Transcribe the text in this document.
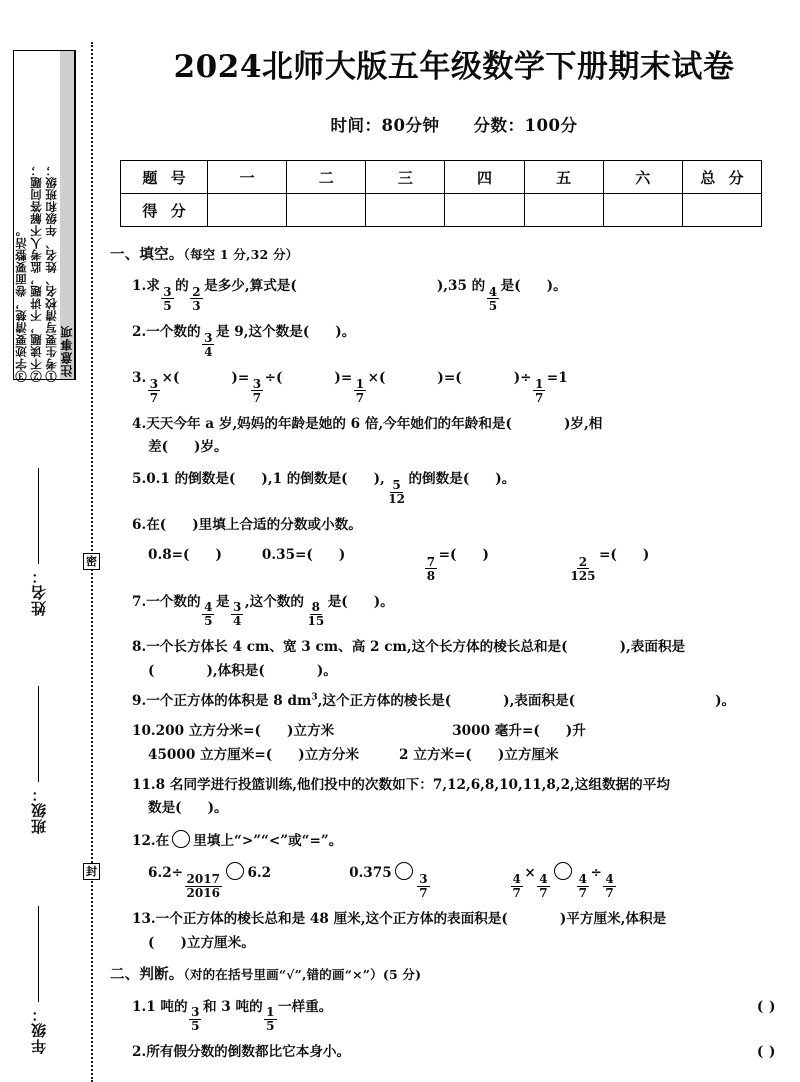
注意事项
①考生要写清校名、姓名、年级和班级；
②不读题，不讲题，监考人不解答问题；
③字迹要清楚，卷面要整洁。
密
封
姓名：
班级：
年级：
2024北师大版五年级数学下册期末试卷
时间：80分钟 分数：100分
题 号	一	二	三	四	五	六	总 分
得 分							
一、填空。（每空 1 分,32 分）
1.求 $\frac{3}{5}$ 的 $\frac{2}{3}$ 是多少,算式是(	),35 的 $\frac{4}{5}$ 是( )。
2.一个数的 $\frac{3}{4}$ 是 9,这个数是( )。
3.
$\frac{3}{7}$
×(	)=
$\frac{3}{7}$
÷(	)=
$\frac{1}{7}$
×(	)=(	)÷
$\frac{1}{7}$
=1
4.天天今年 a 岁,妈妈的年龄是她的 6 倍,今年她们的年龄和是(	)岁,相
差( )岁。
5.0.1 的倒数是( ),1 的倒数是( ), $\frac{5}{12}$ 的倒数是( )。
6.在( )里填上合适的分数或小数。
0.8=( )	0.35=( )
$\frac{7}{8}$
=( )
$\frac{2}{125}$
=( )
7.一个数的 $\frac{4}{5}$ 是 $\frac{3}{4}$ ,这个数的 $\frac{8}{15}$ 是( )。
8.一个长方体长 4 cm、宽 3 cm、高 2 cm,这个长方体的棱长总和是(	),表面积是
(	),体积是(	)。
9.一个正方体的体积是 8 $dm^3$,这个正方体的棱长是(	),表面积是(	)。
10.200 立方分米=( )立方米	3000 毫升=( )升
45000 立方厘米=( )立方分米	2 立方米=( )立方厘米
11.8 名同学进行投篮训练,他们投中的次数如下：7,12,6,8,10,11,8,2,这组数据的平均
数是( )。
12.在 里填上“>”“<”或“=”。
6.2÷
$\frac{2017}{2016}$
6.2	0.375
$\frac{3}{7}$	$\frac{4}{7}$
×
$\frac{4}{7} \frac{4}{7}$
÷
$\frac{4}{7}$
13.一个正方体的棱长总和是 48 厘米,这个正方体的表面积是(	)平方厘米,体积是
( )立方厘米。
二、判断。（对的在括号里画“√”,错的画“×”）(5 分)
( )
1.1 吨的 $\frac{3}{5}$ 和 3 吨的 $\frac{1}{5}$ 一样重。
( )
2.所有假分数的倒数都比它本身小。
